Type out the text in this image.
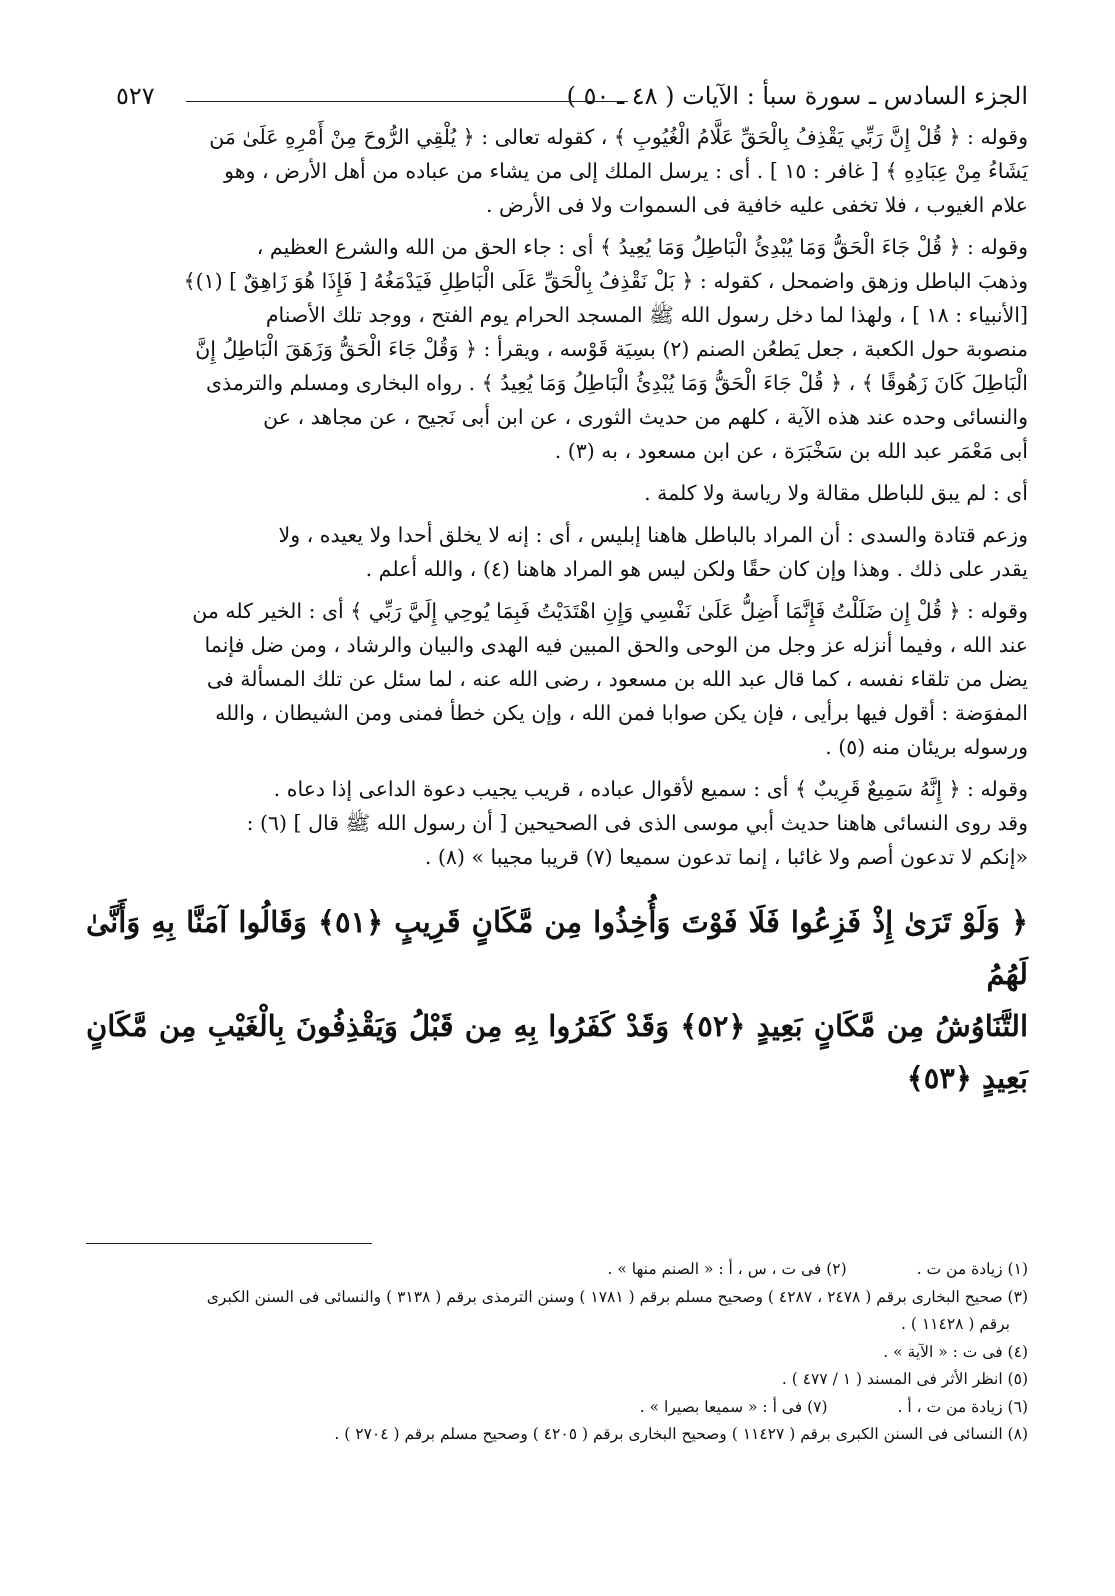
الجزء السادس ـ سورة سبأ : الآيات ( ٤٨ ـ ٥٠ )
٥٢٧

وقوله : ﴿ قُلْ إِنَّ رَبِّي يَقْذِفُ بِالْحَقِّ عَلَّامُ الْغُيُوبِ ﴾ ، كقوله تعالى : ﴿ يُلْقِي الرُّوحَ مِنْ أَمْرِهِ عَلَىٰ مَن

يَشَاءُ مِنْ عِبَادِهِ ﴾ [ غافر : ١٥ ] . أى : يرسل الملك إلى من يشاء من عباده من أهل الأرض ، وهو

علام الغيوب ، فلا تخفى عليه خافية فى السموات ولا فى الأرض .

وقوله : ﴿ قُلْ جَاءَ الْحَقُّ وَمَا يُبْدِئُ الْبَاطِلُ وَمَا يُعِيدُ ﴾ أى : جاء الحق من الله والشرع العظيم ،

وذهبَ الباطل وزهق واضمحل ، كقوله : ﴿ بَلْ نَقْذِفُ بِالْحَقِّ عَلَى الْبَاطِلِ فَيَدْمَغُهُ [ فَإِذَا هُوَ زَاهِقٌ ] (١)﴾

[الأنبياء : ١٨ ] ، ولهذا لما دخل رسول الله ﷺ المسجد الحرام يوم الفتح ، ووجد تلك الأصنام

منصوبة حول الكعبة ، جعل يَطعُن الصنم (٢) بسِيَة قَوْسه ، ويقرأ : ﴿ وَقُلْ جَاءَ الْحَقُّ وَزَهَقَ الْبَاطِلُ إِنَّ

الْبَاطِلَ كَانَ زَهُوقًا ﴾ ، ﴿ قُلْ جَاءَ الْحَقُّ وَمَا يُبْدِئُ الْبَاطِلُ وَمَا يُعِيدُ ﴾ . رواه البخارى ومسلم والترمذى

والنسائى وحده عند هذه الآية ، كلهم من حديث الثورى ، عن ابن أبى نَجيح ، عن مجاهد ، عن

أبى مَعْمَر عبد الله بن سَخْبَرَة ، عن ابن مسعود ، به (٣) .

أى : لم يبق للباطل مقالة ولا رياسة ولا كلمة .

وزعم قتادة والسدى : أن المراد بالباطل هاهنا إبليس ، أى : إنه لا يخلق أحدا ولا يعيده ، ولا

يقدر على ذلك . وهذا وإن كان حقًا ولكن ليس هو المراد هاهنا (٤) ، والله أعلم .

وقوله : ﴿ قُلْ إِن ضَلَلْتُ فَإِنَّمَا أَضِلُّ عَلَىٰ نَفْسِي وَإِنِ اهْتَدَيْتُ فَبِمَا يُوحِي إِلَيَّ رَبِّي ﴾ أى : الخير كله من

عند الله ، وفيما أنزله عز وجل من الوحى والحق المبين فيه الهدى والبيان والرشاد ، ومن ضل فإنما

يضل من تلقاء نفسه ، كما قال عبد الله بن مسعود ، رضى الله عنه ، لما سئل عن تلك المسألة فى

المفوَضة : أقول فيها برأيى ، فإن يكن صوابا فمن الله ، وإن يكن خطأ فمنى ومن الشيطان ، والله

ورسوله بريئان منه (٥) .

وقوله : ﴿ إِنَّهُ سَمِيعٌ قَرِيبٌ ﴾ أى : سميع لأقوال عباده ، قريب يجيب دعوة الداعى إذا دعاه .

وقد روى النسائى هاهنا حديث أبي موسى الذى فى الصحيحين [ أن رسول الله ﷺ قال ] (٦) :

«إنكم لا تدعون أصم ولا غائبا ، إنما تدعون سميعا (٧) قريبا مجيبا » (٨) .

﴿ وَلَوْ تَرَىٰ إِذْ فَزِعُوا فَلَا فَوْتَ وَأُخِذُوا مِن مَّكَانٍ قَرِيبٍ ﴿٥١﴾ وَقَالُوا آمَنَّا بِهِ وَأَنَّىٰ لَهُمُ
التَّنَاوُشُ مِن مَّكَانٍ بَعِيدٍ ﴿٥٢﴾ وَقَدْ كَفَرُوا بِهِ مِن قَبْلُ وَيَقْذِفُونَ بِالْغَيْبِ مِن مَّكَانٍ بَعِيدٍ ﴿٥٣﴾
(١) زيادة من ت .
(٢) فى ت ، س ، أ : « الصنم منها » .
(٣) صحيح البخارى برقم ( ٢٤٧٨ ، ٤٢٨٧ ) وصحيح مسلم برقم ( ١٧٨١ ) وسنن الترمذى برقم ( ٣١٣٨ ) والنسائى فى السنن الكبرى
برقم ( ١١٤٢٨ ) .
(٤) فى ت : « الآية » .
(٥) انظر الأثر فى المسند ( ١ / ٤٧٧ ) .
(٦) زيادة من ت ، أ .
(٧) فى أ : « سميعا بصيرا » .
(٨) النسائى فى السنن الكبرى برقم ( ١١٤٢٧ ) وصحيح البخارى برقم ( ٤٢٠٥ ) وصحيح مسلم برقم ( ٢٧٠٤ ) .
